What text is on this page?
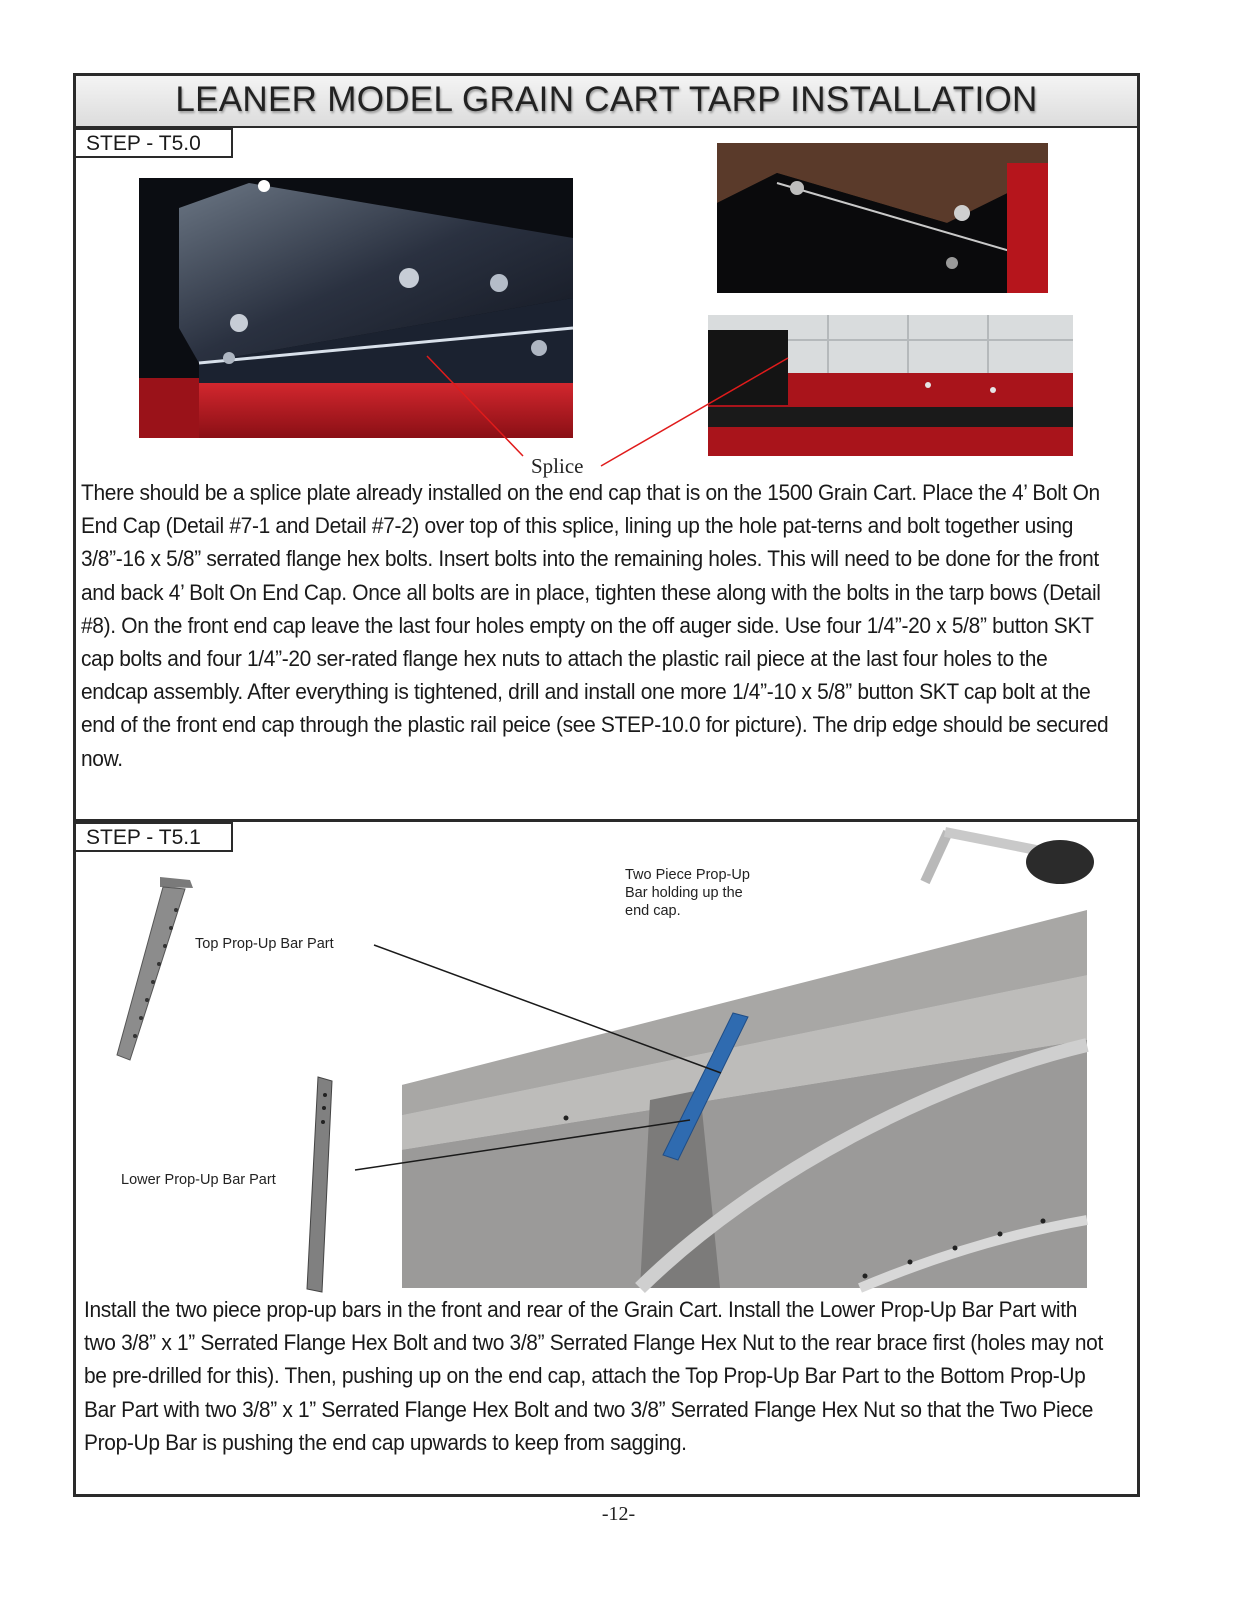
LEANER MODEL GRAIN CART TARP INSTALLATION
STEP - T5.0
STEP - T5.1
Splice
There should be a splice plate already installed on the end cap that is on the 1500 Grain Cart. Place the 4’ Bolt On End Cap (Detail #7-1 and Detail #7-2) over top of this splice, lining up the hole pat-terns and bolt together using 3/8”-16 x 5/8” serrated flange hex bolts. Insert bolts into the remaining holes. This will need to be done for the front and back 4’ Bolt On End Cap. Once all bolts are in place, tighten these along with the bolts in the tarp bows (Detail #8). On the front end cap leave the last four holes empty on the off auger side. Use four 1/4”-20 x 5/8” button SKT cap bolts and four 1/4”-20 ser-rated flange hex nuts to attach the plastic rail piece at the last four holes to the endcap assembly. After everything is tightened, drill and install one more 1/4”-10 x 5/8” button SKT cap bolt at the end of the front end cap through the plastic rail peice (see STEP-10.0 for picture). The drip edge should be secured now.
Two Piece Prop-Up Bar holding up the end cap.
Top Prop-Up Bar Part
Lower Prop-Up Bar Part
Install the two piece prop-up bars in the front and rear of the Grain Cart. Install the Lower Prop-Up Bar Part with two 3/8” x 1” Serrated Flange Hex Bolt and two 3/8” Serrated Flange Hex Nut to the rear brace first (holes may not be pre-drilled for this). Then, pushing up on the end cap, attach the Top Prop-Up Bar Part to the Bottom Prop-Up Bar Part with two 3/8” x 1” Serrated Flange Hex Bolt and two 3/8” Serrated Flange Hex Nut so that the Two Piece Prop-Up Bar is pushing the end cap upwards to keep from sagging.
-12-
